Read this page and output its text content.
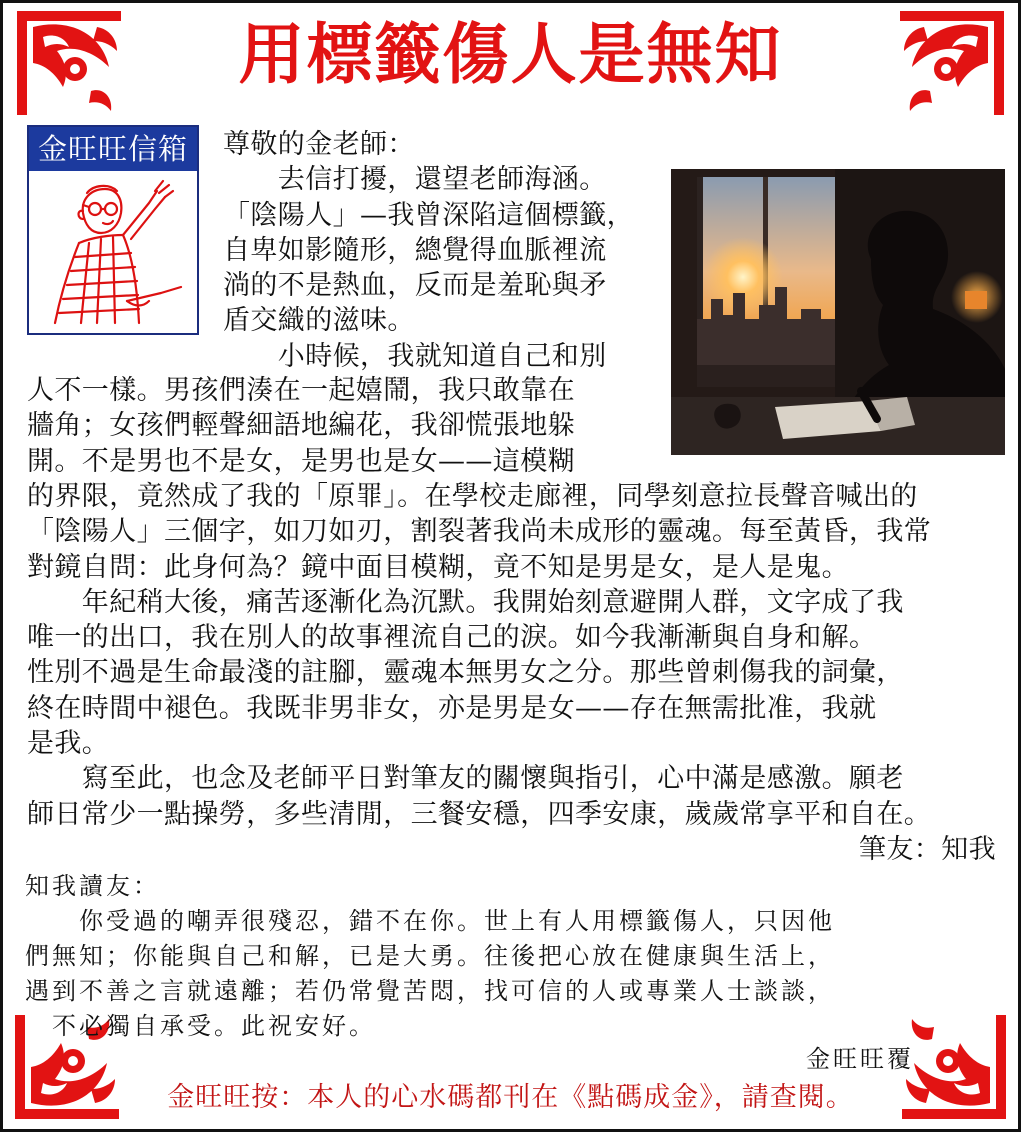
用標籤傷人是無知
金旺旺信箱	尊敬的金老師：
　　去信打擾，還望老師海涵。
「陰陽人」—我曾深陷這個標籤，
自卑如影隨形，總覺得血脈裡流
淌的不是熱血，反而是羞恥與矛
盾交織的滋味。
　　小時候，我就知道自己和別
人不一樣。男孩們湊在一起嬉鬧，我只敢靠在
牆角；女孩們輕聲細語地編花，我卻慌張地躲
開。不是男也不是女，是男也是女——這模糊
的界限，竟然成了我的「原罪」。在學校走廊裡，同學刻意拉長聲音喊出的
「陰陽人」三個字，如刀如刃，割裂著我尚未成形的靈魂。每至黃昏，我常
對鏡自問：此身何為？鏡中面目模糊，竟不知是男是女，是人是鬼。
　　年紀稍大後，痛苦逐漸化為沉默。我開始刻意避開人群，文字成了我
唯一的出口，我在別人的故事裡流自己的淚。如今我漸漸與自身和解。
性別不過是生命最淺的註腳，靈魂本無男女之分。那些曾刺傷我的詞彙，
終在時間中褪色。我既非男非女，亦是男是女——存在無需批准，我就
是我。
　　寫至此，也念及老師平日對筆友的關懷與指引，心中滿是感激。願老
師日常少一點操勞，多些清閒，三餐安穩，四季安康，歲歲常享平和自在。
筆友：知我
知我讀友：
　　你受過的嘲弄很殘忍，錯不在你。世上有人用標籤傷人，只因他
們無知；你能與自己和解，已是大勇。往後把心放在健康與生活上，
遇到不善之言就遠離；若仍常覺苦悶，找可信的人或專業人士談談，
　不必獨自承受。此祝安好。
金旺旺覆
金旺旺按：本人的心水碼都刊在《點碼成金》，請查閱。
